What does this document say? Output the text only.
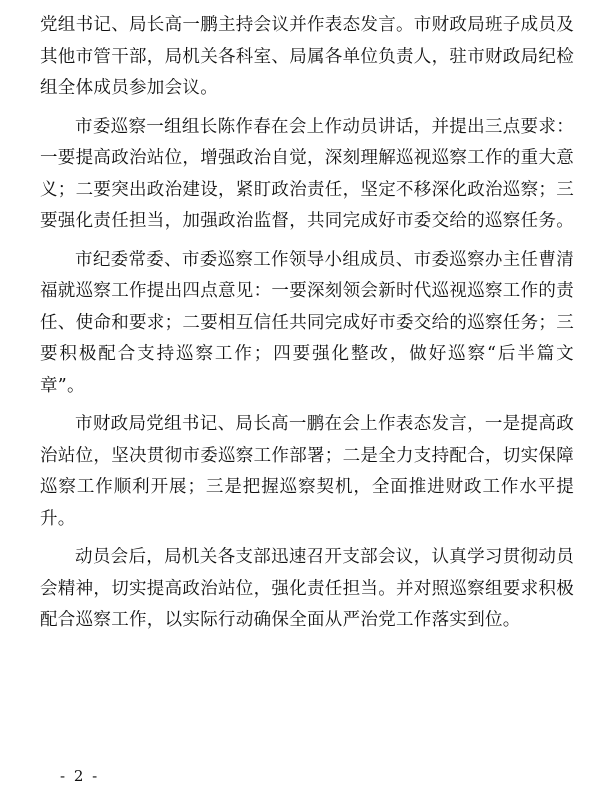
党组书记、局长高一鹏主持会议并作表态发言。市财政局班子成员及其他市管干部，局机关各科室、局属各单位负责人，驻市财政局纪检组全体成员参加会议。

市委巡察一组组长陈作春在会上作动员讲话，并提出三点要求：一要提高政治站位，增强政治自觉，深刻理解巡视巡察工作的重大意义；二要突出政治建设，紧盯政治责任，坚定不移深化政治巡察；三要强化责任担当，加强政治监督，共同完成好市委交给的巡察任务。

市纪委常委、市委巡察工作领导小组成员、市委巡察办主任曹清福就巡察工作提出四点意见：一要深刻领会新时代巡视巡察工作的责任、使命和要求；二要相互信任共同完成好市委交给的巡察任务；三要积极配合支持巡察工作；四要强化整改，做好巡察“后半篇文章”。

市财政局党组书记、局长高一鹏在会上作表态发言，一是提高政治站位，坚决贯彻市委巡察工作部署；二是全力支持配合，切实保障巡察工作顺利开展；三是把握巡察契机，全面推进财政工作水平提升。

动员会后，局机关各支部迅速召开支部会议，认真学习贯彻动员会精神，切实提高政治站位，强化责任担当。并对照巡察组要求积极配合巡察工作，以实际行动确保全面从严治党工作落实到位。

- 2 -
